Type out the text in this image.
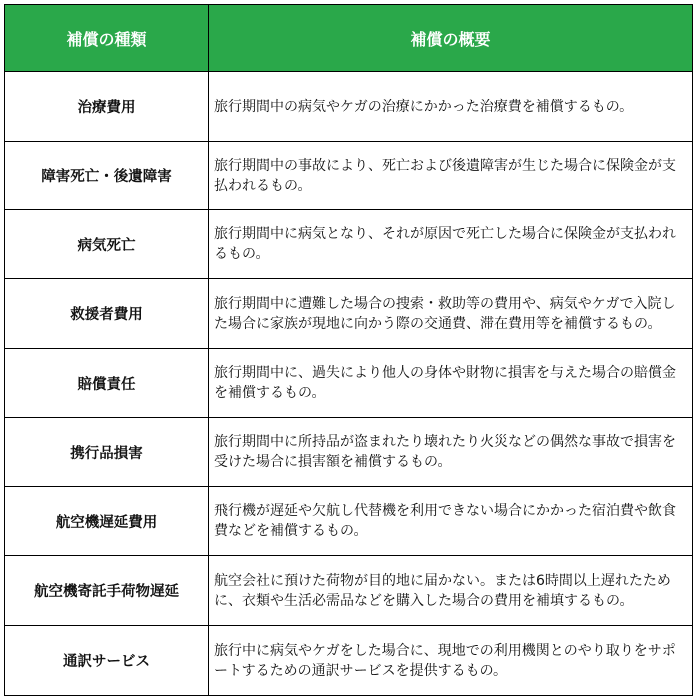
補償の種類	補償の概要
治療費用	旅行期間中の病気やケガの治療にかかった治療費を補償するもの。
障害死亡・後遺障害	旅行期間中の事故により、死亡および後遺障害が生じた場合に保険金が支払われるもの。
病気死亡	旅行期間中に病気となり、それが原因で死亡した場合に保険金が支払われるもの。
救援者費用	旅行期間中に遭難した場合の捜索・救助等の費用や、病気やケガで入院した場合に家族が現地に向かう際の交通費、滞在費用等を補償するもの。
賠償責任	旅行期間中に、過失により他人の身体や財物に損害を与えた場合の賠償金を補償するもの。
携行品損害	旅行期間中に所持品が盗まれたり壊れたり火災などの偶然な事故で損害を受けた場合に損害額を補償するもの。
航空機遅延費用	飛行機が遅延や欠航し代替機を利用できない場合にかかった宿泊費や飲食費などを補償するもの。
航空機寄託手荷物遅延	航空会社に預けた荷物が目的地に届かない。または6時間以上遅れたために、衣類や生活必需品などを購入した場合の費用を補填するもの。
通訳サービス	旅行中に病気やケガをした場合に、現地での利用機関とのやり取りをサポートするための通訳サービスを提供するもの。
